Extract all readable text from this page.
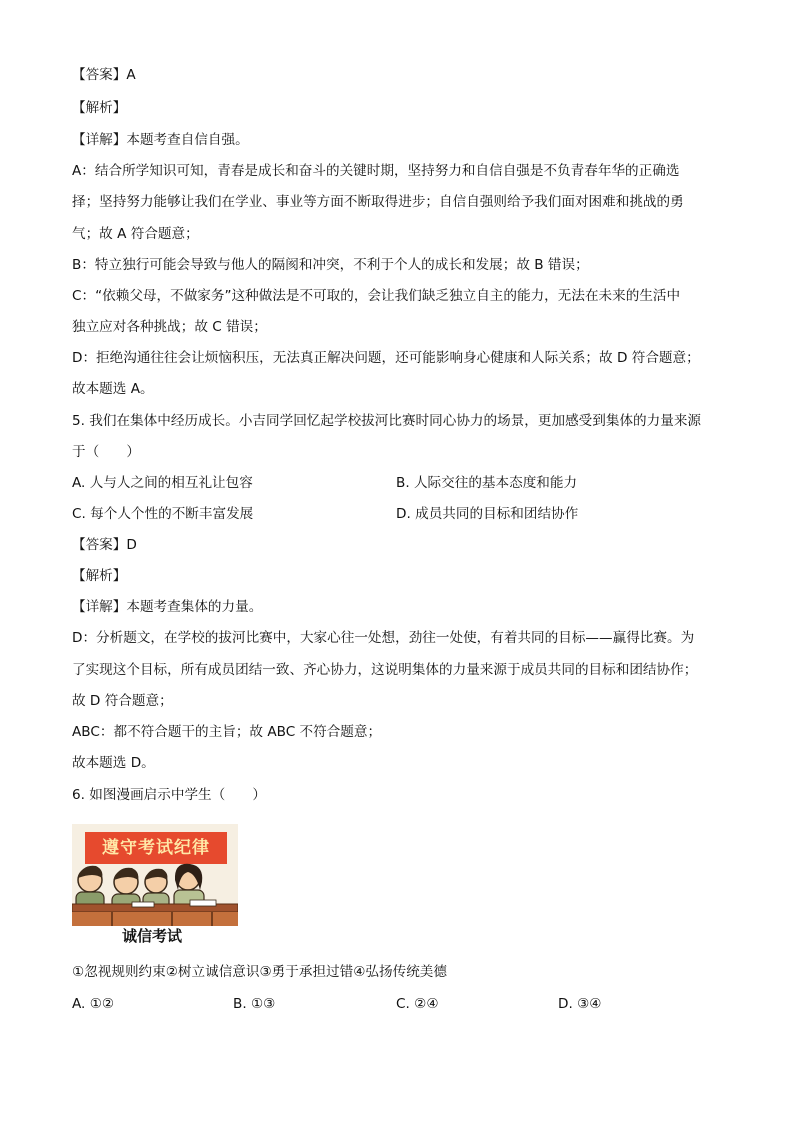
【答案】A
【解析】
【详解】本题考查自信自强。
A：结合所学知识可知，青春是成长和奋斗的关键时期，坚持努力和自信自强是不负青春年华的正确选
择；坚持努力能够让我们在学业、事业等方面不断取得进步；自信自强则给予我们面对困难和挑战的勇
气；故 A 符合题意；
B：特立独行可能会导致与他人的隔阂和冲突，不利于个人的成长和发展；故 B 错误；
C：“依赖父母，不做家务”这种做法是不可取的，会让我们缺乏独立自主的能力，无法在未来的生活中
独立应对各种挑战；故 C 错误；
D：拒绝沟通往往会让烦恼积压，无法真正解决问题，还可能影响身心健康和人际关系；故 D 符合题意；
故本题选 A。
5. 我们在集体中经历成长。小吉同学回忆起学校拔河比赛时同心协力的场景，更加感受到集体的力量来源
于（　　）
【答案】D
【解析】
【详解】本题考查集体的力量。
D：分析题文，在学校的拔河比赛中，大家心往一处想，劲往一处使，有着共同的目标——赢得比赛。为
了实现这个目标，所有成员团结一致、齐心协力，这说明集体的力量来源于成员共同的目标和团结协作；
故 D 符合题意；
ABC：都不符合题干的主旨；故 ABC 不符合题意；
故本题选 D。
6. 如图漫画启示中学生（　　）
①忽视规则约束②树立诚信意识③勇于承担过错④弘扬传统美德
A. 人与人之间的相互礼让包容	B. 人际交往的基本态度和能力
C. 每个人个性的不断丰富发展	D. 成员共同的目标和团结协作
A. ①②	B. ①③	C. ②④	D. ③④
遵守考试纪律
诚信考试
